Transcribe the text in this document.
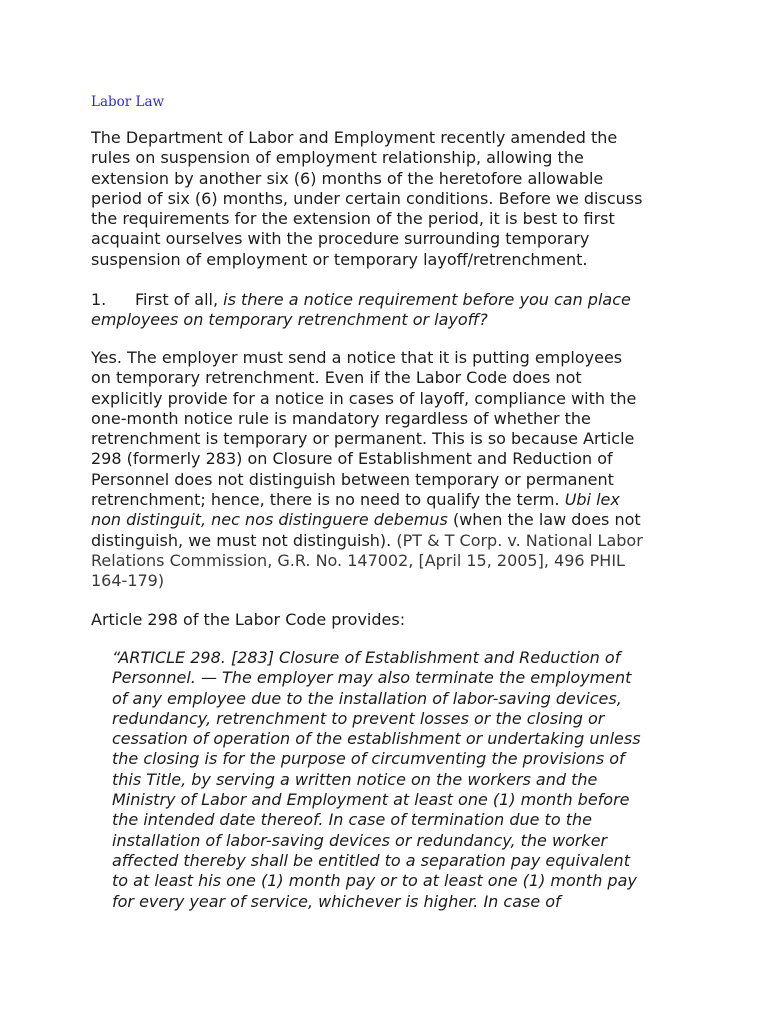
Labor Law
The Department of Labor and Employment recently amended the
rules on suspension of employment relationship, allowing the
extension by another six (6) months of the heretofore allowable
period of six (6) months, under certain conditions. Before we discuss
the requirements for the extension of the period, it is best to first
acquaint ourselves with the procedure surrounding temporary
suspension of employment or temporary layoff/retrenchment.
1. First of all, is there a notice requirement before you can place
employees on temporary retrenchment or layoff?
Yes. The employer must send a notice that it is putting employees
on temporary retrenchment. Even if the Labor Code does not
explicitly provide for a notice in cases of layoff, compliance with the
one-month notice rule is mandatory regardless of whether the
retrenchment is temporary or permanent. This is so because Article
298 (formerly 283) on Closure of Establishment and Reduction of
Personnel does not distinguish between temporary or permanent
retrenchment; hence, there is no need to qualify the term. Ubi lex
non distinguit, nec nos distinguere debemus (when the law does not
distinguish, we must not distinguish). (PT & T Corp. v. National Labor
Relations Commission, G.R. No. 147002, [April 15, 2005], 496 PHIL
164-179)
Article 298 of the Labor Code provides:
“ARTICLE 298. [283] Closure of Establishment and Reduction of
Personnel. — The employer may also terminate the employment
of any employee due to the installation of labor-saving devices,
redundancy, retrenchment to prevent losses or the closing or
cessation of operation of the establishment or undertaking unless
the closing is for the purpose of circumventing the provisions of
this Title, by serving a written notice on the workers and the
Ministry of Labor and Employment at least one (1) month before
the intended date thereof. In case of termination due to the
installation of labor-saving devices or redundancy, the worker
affected thereby shall be entitled to a separation pay equivalent
to at least his one (1) month pay or to at least one (1) month pay
for every year of service, whichever is higher. In case of
